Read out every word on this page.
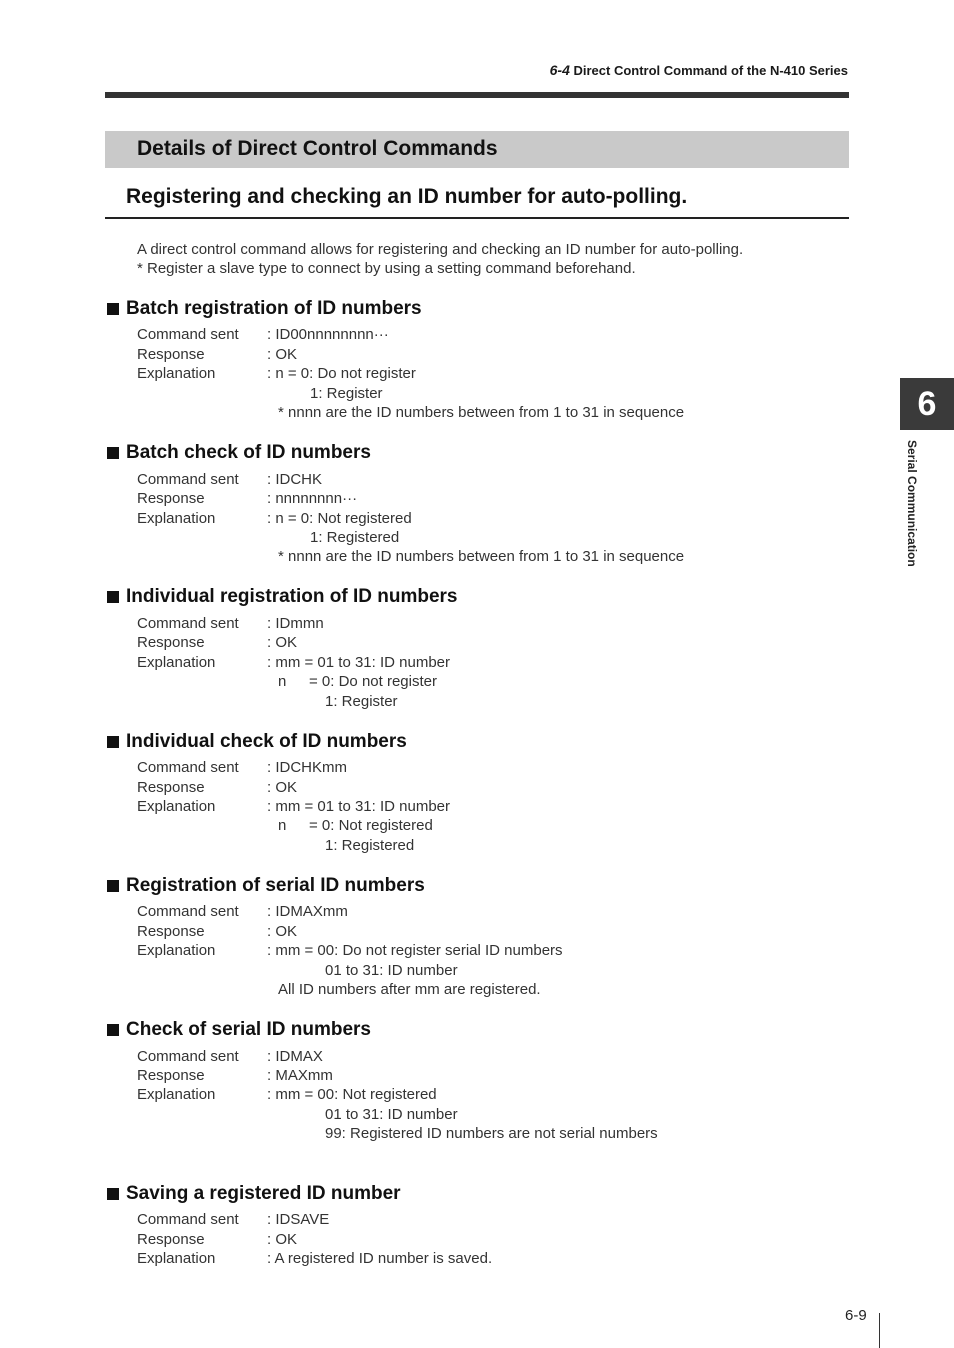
6-4 Direct Control Command of the N-410 Series
Details of Direct Control Commands
Registering and checking an ID number for auto-polling.
A direct control command allows for registering and checking an ID number for auto-polling.
* Register a slave type to connect by using a setting command beforehand.
Batch registration of ID numbers
Command sent : ID00nnnnnnnn···
Response	: OK
Explanation	: n = 0: Do not register
1: Register
* nnnn are the ID numbers between from 1 to 31 in sequence
Batch check of ID numbers
Command sent : IDCHK
Response	: nnnnnnnn···
Explanation	: n = 0: Not registered
1: Registered
* nnnn are the ID numbers between from 1 to 31 in sequence
Individual registration of ID numbers
Command sent : IDmmn
Response	: OK
Explanation	: mm = 01 to 31: ID number
n = 0: Do not register
1: Register
Individual check of ID numbers
Command sent : IDCHKmm
Response	: OK
Explanation	: mm = 01 to 31: ID number
n = 0: Not registered
1: Registered
Registration of serial ID numbers
Command sent : IDMAXmm
Response	: OK
Explanation	: mm = 00: Do not register serial ID numbers
01 to 31: ID number
All ID numbers after mm are registered.
Check of serial ID numbers
Command sent : IDMAX
Response	: MAXmm
Explanation	: mm = 00: Not registered
01 to 31: ID number
99: Registered ID numbers are not serial numbers
Saving a registered ID number
Command sent : IDSAVE
Response	: OK
Explanation	: A registered ID number is saved.
6
Serial Communication
6-9
